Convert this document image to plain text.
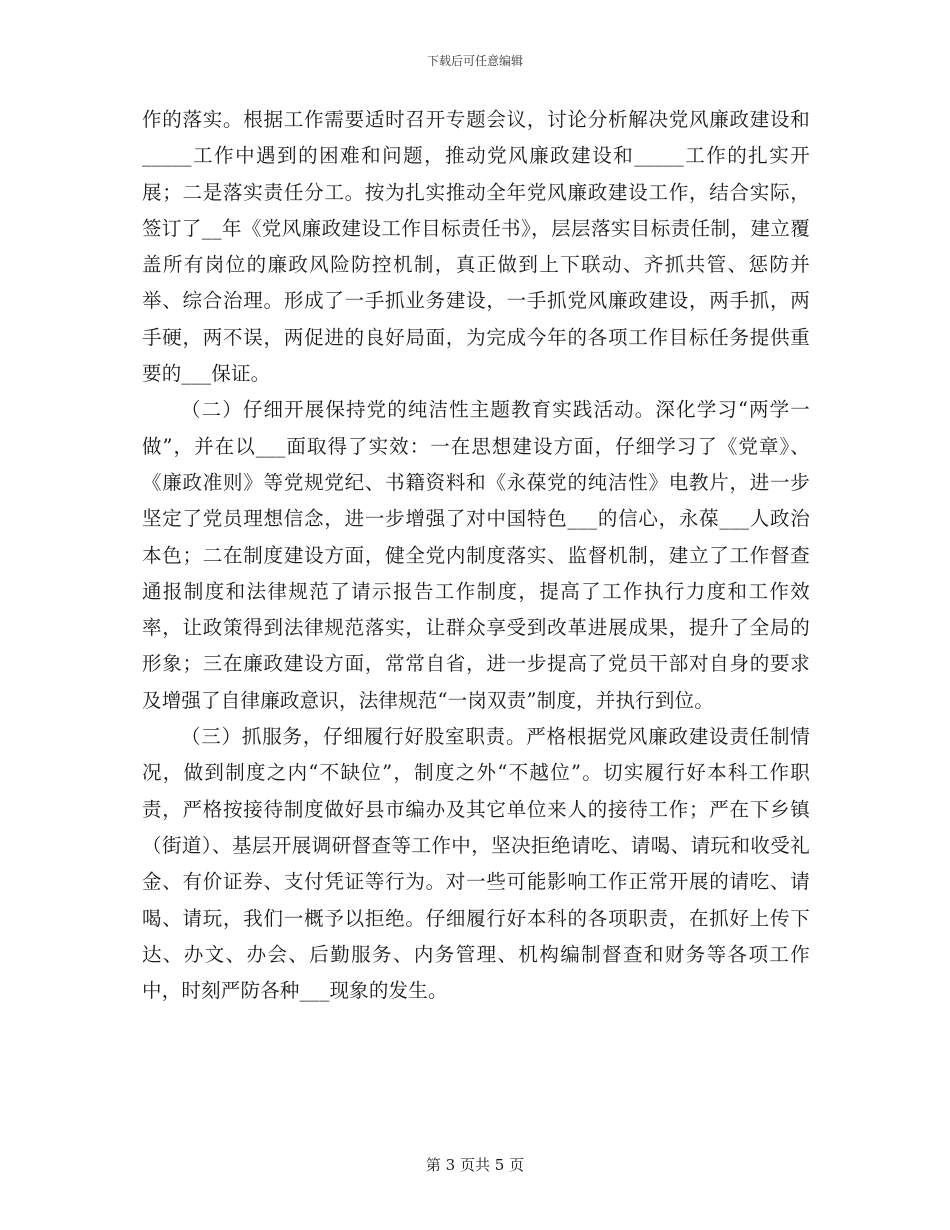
下载后可任意编辑

作的落实。根据工作需要适时召开专题会议，讨论分析解决党风廉政建设和_____工作中遇到的困难和问题，推动党风廉政建设和_____工作的扎实开展；二是落实责任分工。按为扎实推动全年党风廉政建设工作，结合实际，签订了__年《党风廉政建设工作目标责任书》，层层落实目标责任制，建立覆盖所有岗位的廉政风险防控机制，真正做到上下联动、齐抓共管、惩防并举、综合治理。形成了一手抓业务建设，一手抓党风廉政建设，两手抓，两手硬，两不误，两促进的良好局面，为完成今年的各项工作目标任务提供重要的___保证。

（二）仔细开展保持党的纯洁性主题教育实践活动。深化学习“两学一做”，并在以___面取得了实效：一在思想建设方面，仔细学习了《党章》、《廉政准则》等党规党纪、书籍资料和《永葆党的纯洁性》电教片，进一步坚定了党员理想信念，进一步增强了对中国特色___的信心，永葆___人政治本色；二在制度建设方面，健全党内制度落实、监督机制，建立了工作督查通报制度和法律规范了请示报告工作制度，提高了工作执行力度和工作效率，让政策得到法律规范落实，让群众享受到改革进展成果，提升了全局的形象；三在廉政建设方面，常常自省，进一步提高了党员干部对自身的要求及增强了自律廉政意识，法律规范“一岗双责”制度，并执行到位。

（三）抓服务，仔细履行好股室职责。严格根据党风廉政建设责任制情况，做到制度之内“不缺位”，制度之外“不越位”。切实履行好本科工作职责，严格按接待制度做好县市编办及其它单位来人的接待工作；严在下乡镇（街道）、基层开展调研督查等工作中，坚决拒绝请吃、请喝、请玩和收受礼金、有价证券、支付凭证等行为。对一些可能影响工作正常开展的请吃、请喝、请玩，我们一概予以拒绝。仔细履行好本科的各项职责，在抓好上传下达、办文、办会、后勤服务、内务管理、机构编制督查和财务等各项工作中，时刻严防各种___现象的发生。

第 3 页共 5 页
